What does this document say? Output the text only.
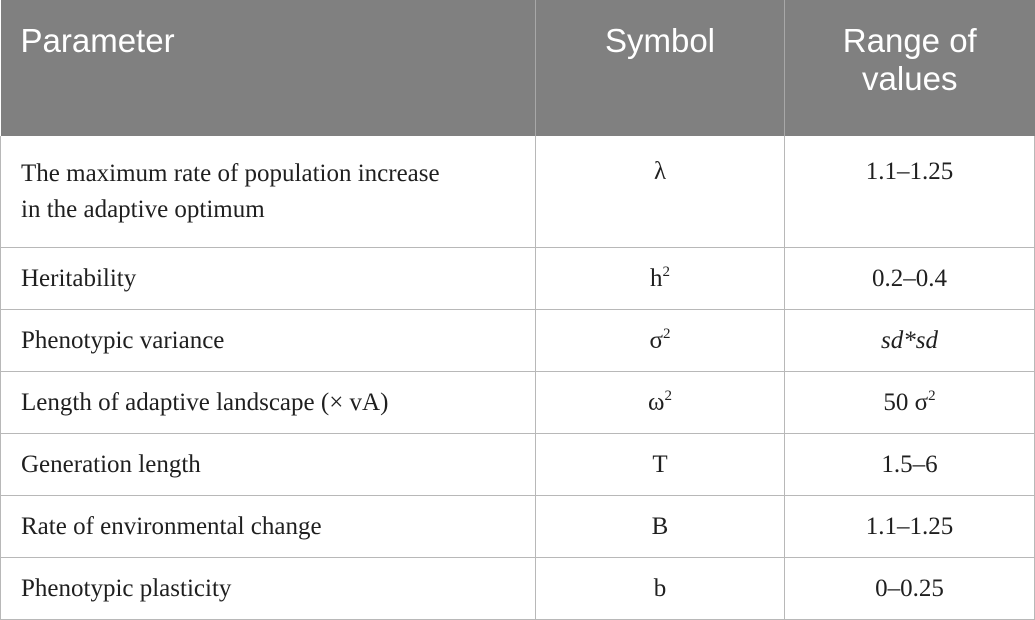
Parameter	Symbol	Range of
values
The maximum rate of population increase
in the adaptive optimum	λ	1.1–1.25
Heritability	$h^2$	0.2–0.4
Phenotypic variance	$\sigma^2$	sd*sd
Length of adaptive landscape (× vA)	$\omega^2$	50 $\sigma^2$
Generation length	T	1.5–6
Rate of environmental change	B	1.1–1.25
Phenotypic plasticity	b	0–0.25
